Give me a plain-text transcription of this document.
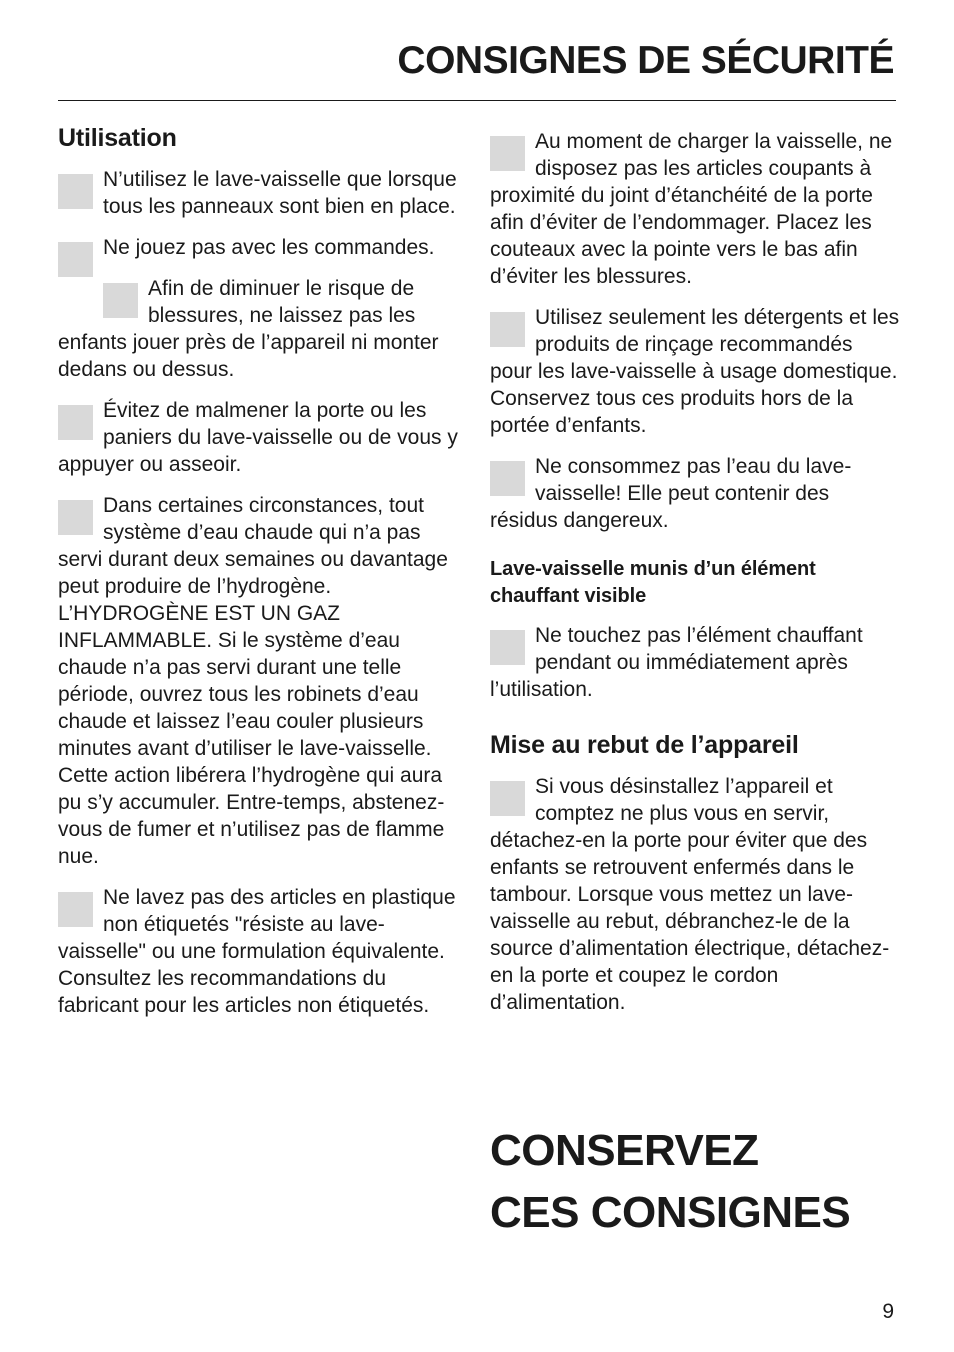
CONSIGNES DE SÉCURITÉ
Utilisation

N’utilisez le lave-vaisselle que lorsque tous les panneaux sont bien en place.

Ne jouez pas avec les commandes.

Afin de diminuer le risque de blessures, ne laissez pas les enfants jouer près de l’appareil ni monter dedans ou dessus.

Évitez de malmener la porte ou les paniers du lave-vaisselle ou de vous y appuyer ou asseoir.

Dans certaines circonstances, tout système d’eau chaude qui n’a pas servi durant deux semaines ou davantage peut produire de l’hydrogène. L’HYDROGÈNE EST UN GAZ INFLAMMABLE. Si le système d’eau chaude n’a pas servi durant une telle période, ouvrez tous les robinets d’eau chaude et laissez l’eau couler plusieurs minutes avant d’utiliser le lave-vaisselle. Cette action libérera l’hydrogène qui aura pu s’y accumuler. Entre-temps, abstenez-vous de fumer et n’utilisez pas de flamme nue.

Ne lavez pas des articles en plastique non étiquetés "résiste au lave-vaisselle" ou une formulation équivalente. Consultez les recommandations du fabricant pour les articles non étiquetés.

Au moment de charger la vaisselle, ne disposez pas les articles coupants à proximité du joint d’étanchéité de la porte afin d’éviter de l’endommager. Placez les couteaux avec la pointe vers le bas afin d’éviter les blessures.

Utilisez seulement les détergents et les produits de rinçage recommandés pour les lave-vaisselle à usage domestique. Conservez tous ces produits hors de la portée d’enfants.

Ne consommez pas l’eau du lave-vaisselle! Elle peut contenir des résidus dangereux.

Lave-vaisselle munis d’un élément chauffant visible

Ne touchez pas l’élément chauffant pendant ou immédiatement après l’utilisation.

Mise au rebut de l’appareil

Si vous désinstallez l’appareil et comptez ne plus vous en servir, détachez-en la porte pour éviter que des enfants se retrouvent enfermés dans le tambour. Lorsque vous mettez un lave-vaisselle au rebut, débranchez-le de la source d’alimentation électrique, détachez-en la porte et coupez le cordon d’alimentation.

CONSERVEZ
CES CONSIGNES
9
